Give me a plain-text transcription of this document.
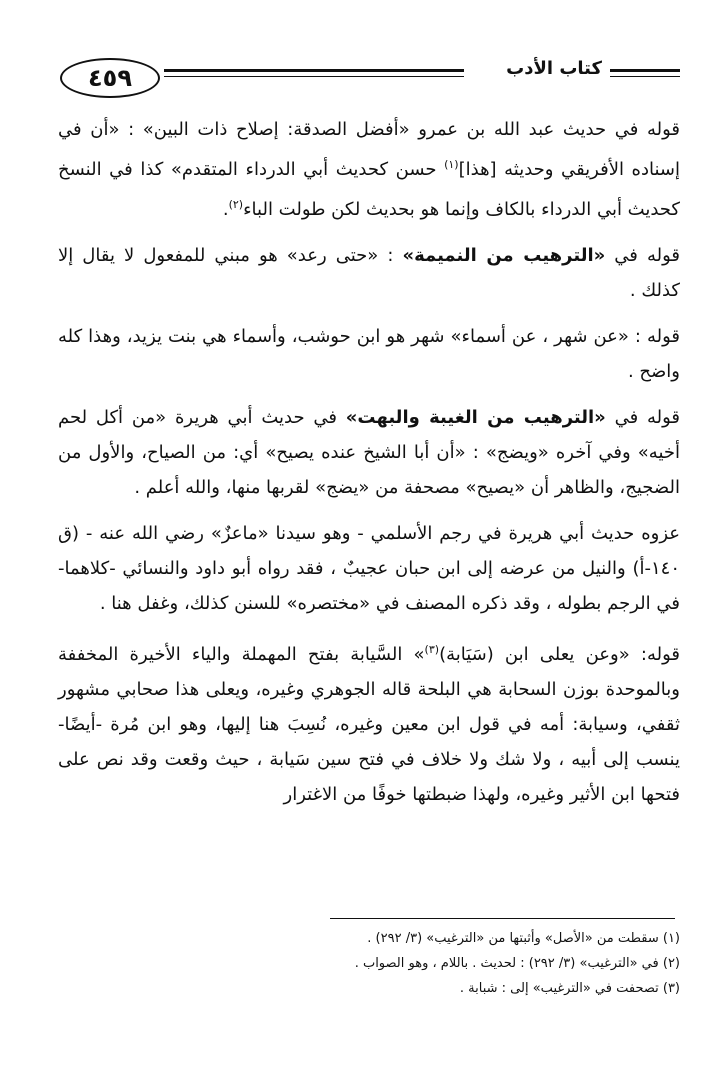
٤٥٩	كتاب الأدب

قوله في حديث عبد الله بن عمرو «أفضل الصدقة: إصلاح ذات البين» : «أن في إسناده الأفريقي وحديثه [هذا]$^{(١)}$ حسن كحديث أبي الدرداء المتقدم» كذا في النسخ كحديث أبي الدرداء بالكاف وإنما هو بحديث لكن طولت الباء$^{(٢)}$.

قوله في «الترهيب من النميمة» : «حتى رعد» هو مبني للمفعول لا يقال إلا كذلك .

قوله : «عن شهر ، عن أسماء» شهر هو ابن حوشب، وأسماء هي بنت يزيد، وهذا كله واضح .

قوله في «الترهيب من الغيبة والبهت» في حديث أبي هريرة «من أكل لحم أخيه» وفي آخره «ويضج» : «أن أبا الشيخ عنده يصيح» أي: من الصياح، والأول من الضجيج، والظاهر أن «يصيح» مصحفة من «يضج» لقربها منها، والله أعلم .

عزوه حديث أبي هريرة في رجم الأسلمي - وهو سيدنا «ماعزٌ» رضي الله عنه - (ق ١٤٠-أ) والنيل من عرضه إلى ابن حبان عجيبٌ ، فقد رواه أبو داود والنسائي -كلاهما- في الرجم بطوله ، وقد ذكره المصنف في «مختصره» للسنن كذلك، وغفل هنا .

قوله: «وعن يعلى ابن (سَيَابة)$^{(٣)}$» السَّيابة بفتح المهملة والياء الأخيرة المخففة وبالموحدة بوزن السحابة هي البلحة قاله الجوهري وغيره، ويعلى هذا صحابي مشهور ثقفي، وسيابة: أمه في قول ابن معين وغيره، نُسِبَ هنا إليها، وهو ابن مُرة -أيضًا- ينسب إلى أبيه ، ولا شك ولا خلاف في فتح سين سَيابة ، حيث وقعت وقد نص على فتحها ابن الأثير وغيره، ولهذا ضبطتها خوفًا من الاغترار

(١) سقطت من «الأصل» وأثبتها من «الترغيب» (٣/ ٢٩٢) .

(٢) في «الترغيب» (٣/ ٢٩٢) : لحديث . باللام ، وهو الصواب .

(٣) تصحفت في «الترغيب» إلى : شبابة .
